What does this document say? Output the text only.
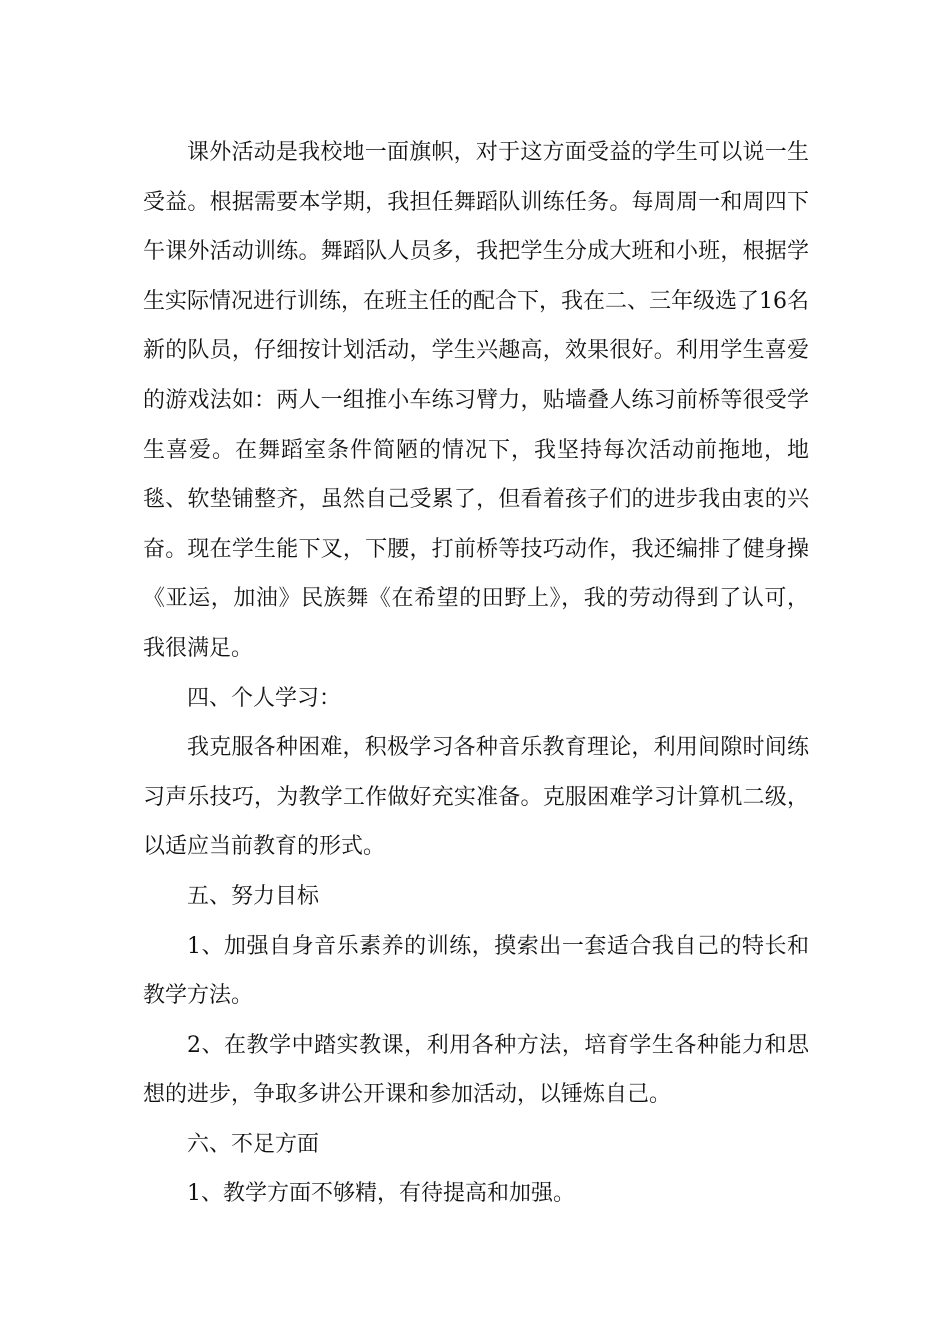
课外活动是我校地一面旗帜，对于这方面受益的学生可以说一生受益。根据需要本学期，我担任舞蹈队训练任务。每周周一和周四下午课外活动训练。舞蹈队人员多，我把学生分成大班和小班，根据学生实际情况进行训练，在班主任的配合下，我在二、三年级选了16名新的队员，仔细按计划活动，学生兴趣高，效果很好。利用学生喜爱的游戏法如：两人一组推小车练习臂力，贴墙叠人练习前桥等很受学生喜爱。在舞蹈室条件简陋的情况下，我坚持每次活动前拖地，地毯、软垫铺整齐，虽然自己受累了，但看着孩子们的进步我由衷的兴奋。现在学生能下叉，下腰，打前桥等技巧动作，我还编排了健身操《亚运，加油》民族舞《在希望的田野上》，我的劳动得到了认可，我很满足。

四、个人学习：

我克服各种困难，积极学习各种音乐教育理论，利用间隙时间练习声乐技巧，为教学工作做好充实准备。克服困难学习计算机二级，以适应当前教育的形式。

五、努力目标

1、加强自身音乐素养的训练，摸索出一套适合我自己的特长和教学方法。

2、在教学中踏实教课，利用各种方法，培育学生各种能力和思想的进步，争取多讲公开课和参加活动，以锤炼自己。

六、不足方面

1、教学方面不够精，有待提高和加强。
